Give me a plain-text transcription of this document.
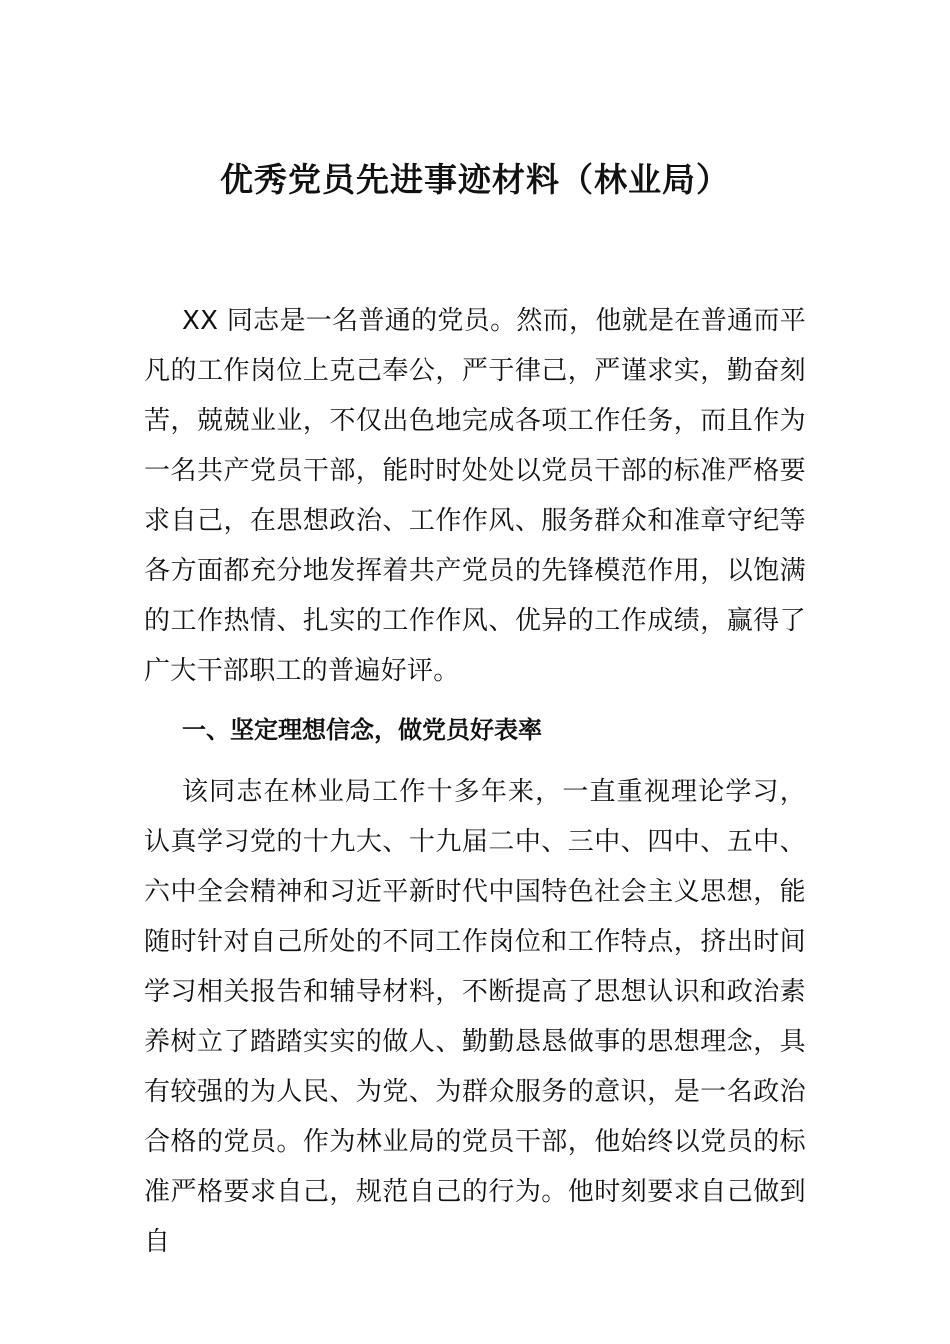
优秀党员先进事迹材料（林业局）

XX 同志是一名普通的党员。然而，他就是在普通而平凡的工作岗位上克己奉公，严于律己，严谨求实，勤奋刻苦，兢兢业业，不仅出色地完成各项工作任务，而且作为一名共产党员干部，能时时处处以党员干部的标准严格要求自己，在思想政治、工作作风、服务群众和准章守纪等各方面都充分地发挥着共产党员的先锋模范作用，以饱满的工作热情、扎实的工作作风、优异的工作成绩，赢得了广大干部职工的普遍好评。

一、坚定理想信念，做党员好表率

该同志在林业局工作十多年来，一直重视理论学习，认真学习党的十九大、十九届二中、三中、四中、五中、六中全会精神和习近平新时代中国特色社会主义思想，能随时针对自己所处的不同工作岗位和工作特点，挤出时间学习相关报告和辅导材料，不断提高了思想认识和政治素养树立了踏踏实实的做人、勤勤恳恳做事的思想理念，具有较强的为人民、为党、为群众服务的意识，是一名政治合格的党员。作为林业局的党员干部，他始终以党员的标准严格要求自己，规范自己的行为。他时刻要求自己做到自
